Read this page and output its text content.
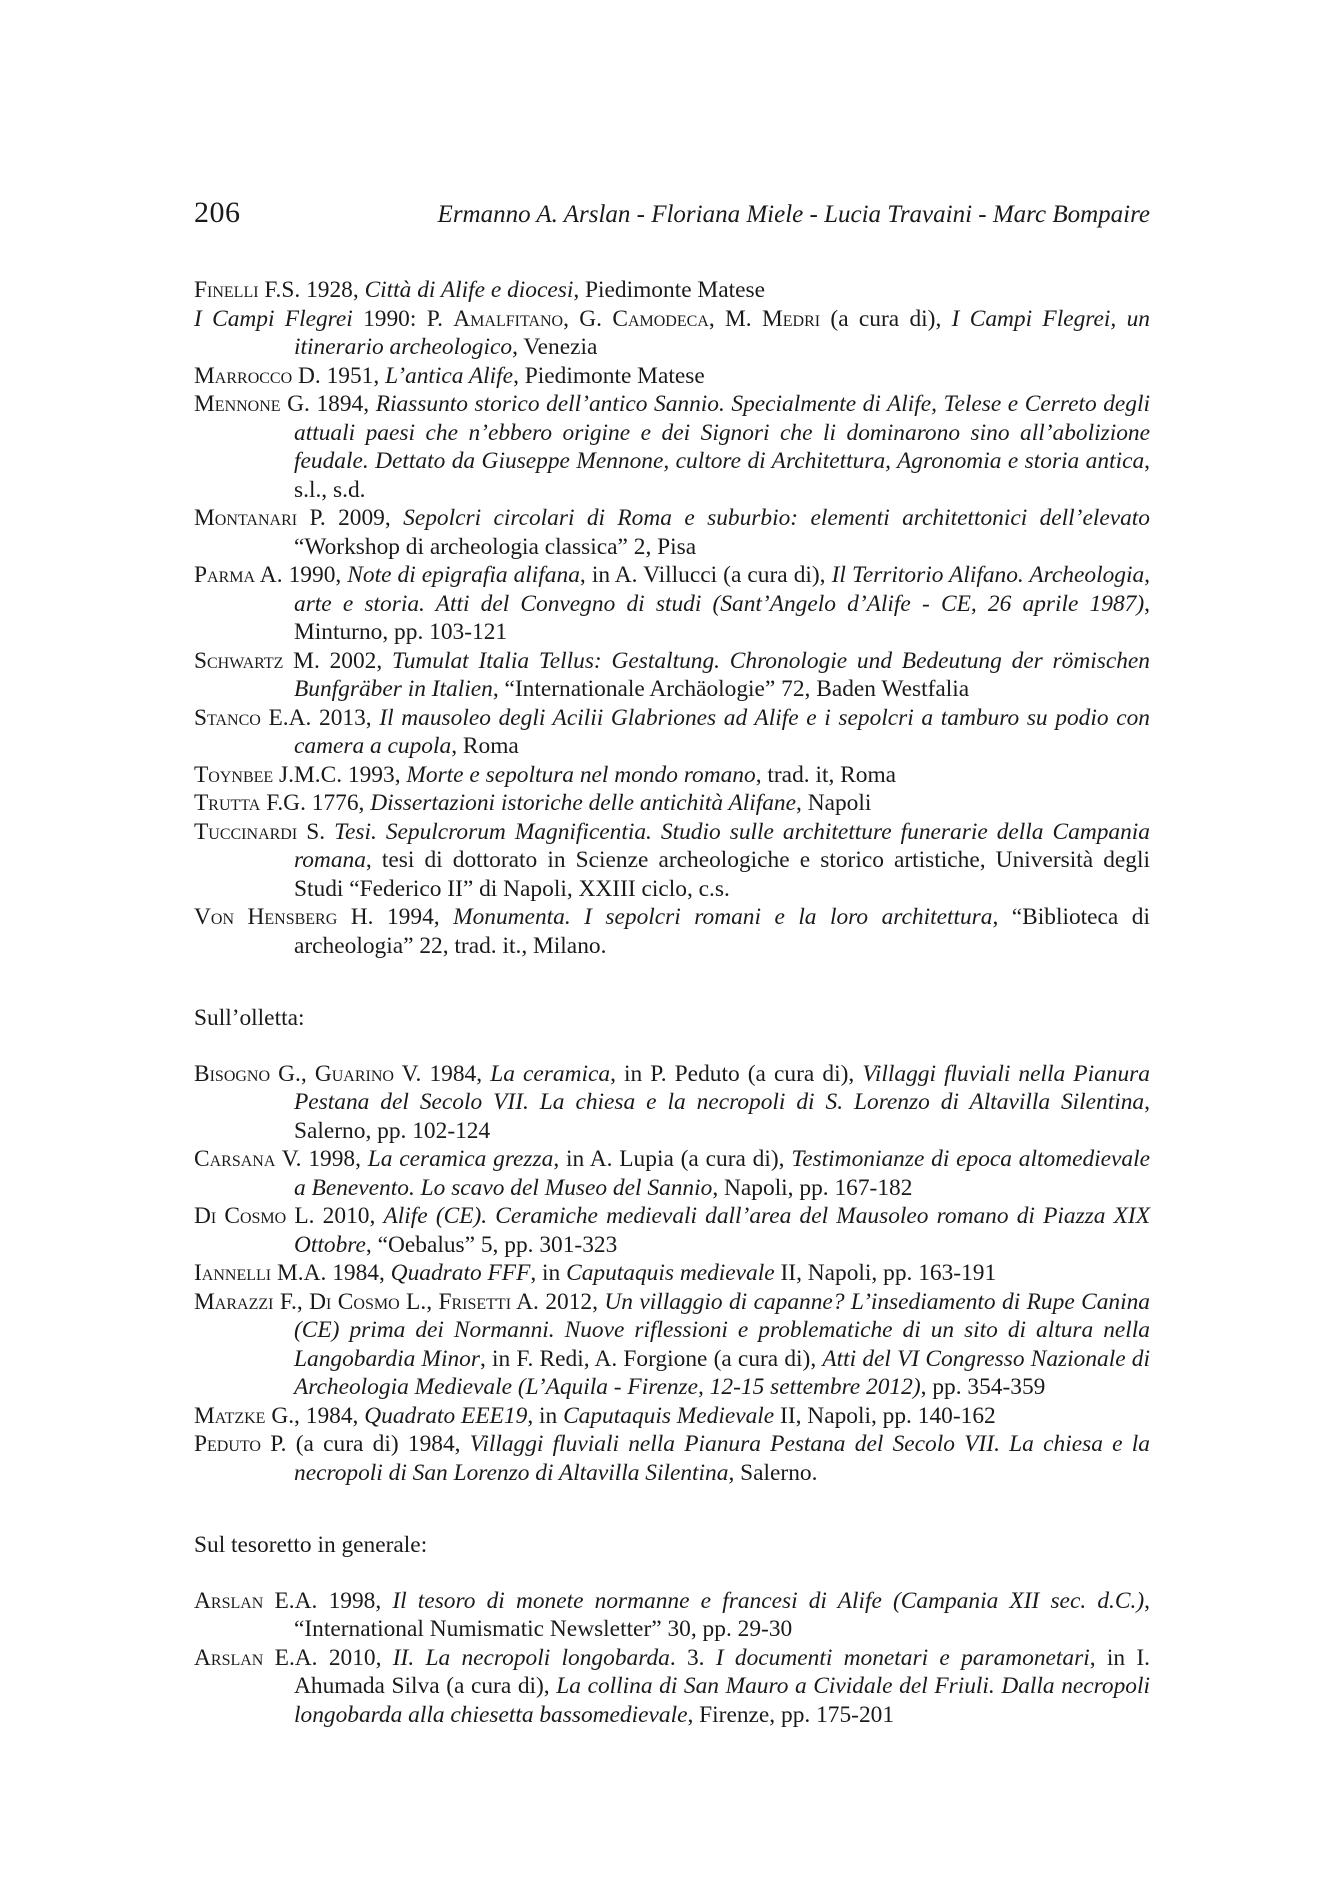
206	Ermanno A. Arslan - Floriana Miele - Lucia Travaini - Marc Bompaire
Finelli F.S. 1928, Città di Alife e diocesi, Piedimonte Matese
I Campi Flegrei 1990: P. Amalfitano, G. Camodeca, M. Medri (a cura di), I Campi Flegrei, un itinerario archeologico, Venezia
Marrocco D. 1951, L’antica Alife, Piedimonte Matese
Mennone G. 1894, Riassunto storico dell’antico Sannio. Specialmente di Alife, Telese e Cerreto degli attuali paesi che n’ebbero origine e dei Signori che li dominarono sino all’abolizione feudale. Dettato da Giuseppe Mennone, cultore di Architettura, Agronomia e storia antica, s.l., s.d.
Montanari P. 2009, Sepolcri circolari di Roma e suburbio: elementi architettonici dell’elevato “Workshop di archeologia classica” 2, Pisa
Parma A. 1990, Note di epigrafia alifana, in A. Villucci (a cura di), Il Territorio Alifano. Archeologia, arte e storia. Atti del Convegno di studi (Sant’Angelo d’Alife - CE, 26 aprile 1987), Minturno, pp. 103-121
Schwartz M. 2002, Tumulat Italia Tellus: Gestaltung. Chronologie und Bedeutung der römischen Bunfgräber in Italien, “Internationale Archäologie” 72, Baden Westfalia
Stanco E.A. 2013, Il mausoleo degli Acilii Glabriones ad Alife e i sepolcri a tamburo su podio con camera a cupola, Roma
Toynbee J.M.C. 1993, Morte e sepoltura nel mondo romano, trad. it, Roma
Trutta F.G. 1776, Dissertazioni istoriche delle antichità Alifane, Napoli
Tuccinardi S. Tesi. Sepulcrorum Magnificentia. Studio sulle architetture funerarie della Campania romana, tesi di dottorato in Scienze archeologiche e storico artistiche, Università degli Studi “Federico II” di Napoli, XXIII ciclo, c.s.
Von Hensberg H. 1994, Monumenta. I sepolcri romani e la loro architettura, “Biblioteca di archeologia” 22, trad. it., Milano.
Sull’olletta:
Bisogno G., Guarino V. 1984, La ceramica, in P. Peduto (a cura di), Villaggi fluviali nella Pianura Pestana del Secolo VII. La chiesa e la necropoli di S. Lorenzo di Altavilla Silentina, Salerno, pp. 102-124
Carsana V. 1998, La ceramica grezza, in A. Lupia (a cura di), Testimonianze di epoca altomedievale a Benevento. Lo scavo del Museo del Sannio, Napoli, pp. 167-182
Di Cosmo L. 2010, Alife (CE). Ceramiche medievali dall’area del Mausoleo romano di Piazza XIX Ottobre, “Oebalus” 5, pp. 301-323
Iannelli M.A. 1984, Quadrato FFF, in Caputaquis medievale II, Napoli, pp. 163-191
Marazzi F., Di Cosmo L., Frisetti A. 2012, Un villaggio di capanne? L’insediamento di Rupe Canina (CE) prima dei Normanni. Nuove riflessioni e problematiche di un sito di altura nella Langobardia Minor, in F. Redi, A. Forgione (a cura di), Atti del VI Congresso Nazionale di Archeologia Medievale (L’Aquila - Firenze, 12-15 settembre 2012), pp. 354-359
Matzke G., 1984, Quadrato EEE19, in Caputaquis Medievale II, Napoli, pp. 140-162
Peduto P. (a cura di) 1984, Villaggi fluviali nella Pianura Pestana del Secolo VII. La chiesa e la necropoli di San Lorenzo di Altavilla Silentina, Salerno.
Sul tesoretto in generale:
Arslan E.A. 1998, Il tesoro di monete normanne e francesi di Alife (Campania XII sec. d.C.), “International Numismatic Newsletter” 30, pp. 29-30
Arslan E.A. 2010, II. La necropoli longobarda. 3. I documenti monetari e paramonetari, in I. Ahumada Silva (a cura di), La collina di San Mauro a Cividale del Friuli. Dalla necropoli longobarda alla chiesetta bassomedievale, Firenze, pp. 175-201
